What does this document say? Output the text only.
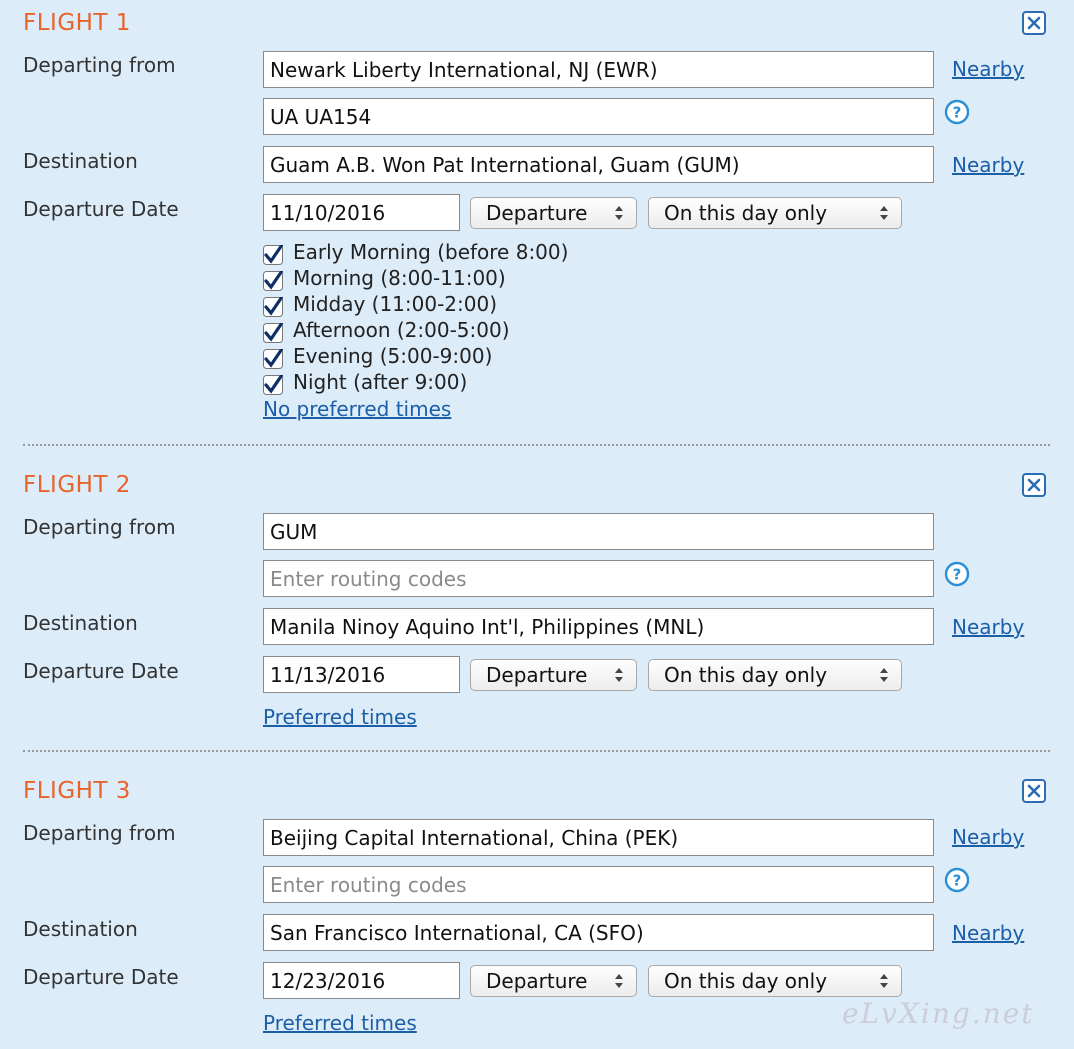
FLIGHT 1
Departing from
Newark Liberty International, NJ (EWR)	Nearby
UA UA154
?
Destination
Guam A.B. Won Pat International, Guam (GUM)	Nearby
Departure Date
11/10/2016	Departure	On this day only
Early Morning (before 8:00)
Morning (8:00-11:00)
Midday (11:00-2:00)
Afternoon (2:00-5:00)
Evening (5:00-9:00)
Night (after 9:00)
No preferred times
FLIGHT 2
Departing from
GUM
Enter routing codes
?
Destination
Manila Ninoy Aquino Int'l, Philippines (MNL)	Nearby
Departure Date
11/13/2016	Departure	On this day only
Preferred times
FLIGHT 3
Departing from
Beijing Capital International, China (PEK)	Nearby
Enter routing codes
?
Destination
San Francisco International, CA (SFO)	Nearby
Departure Date
12/23/2016	Departure	On this day only
Preferred times	eLvXing.net
